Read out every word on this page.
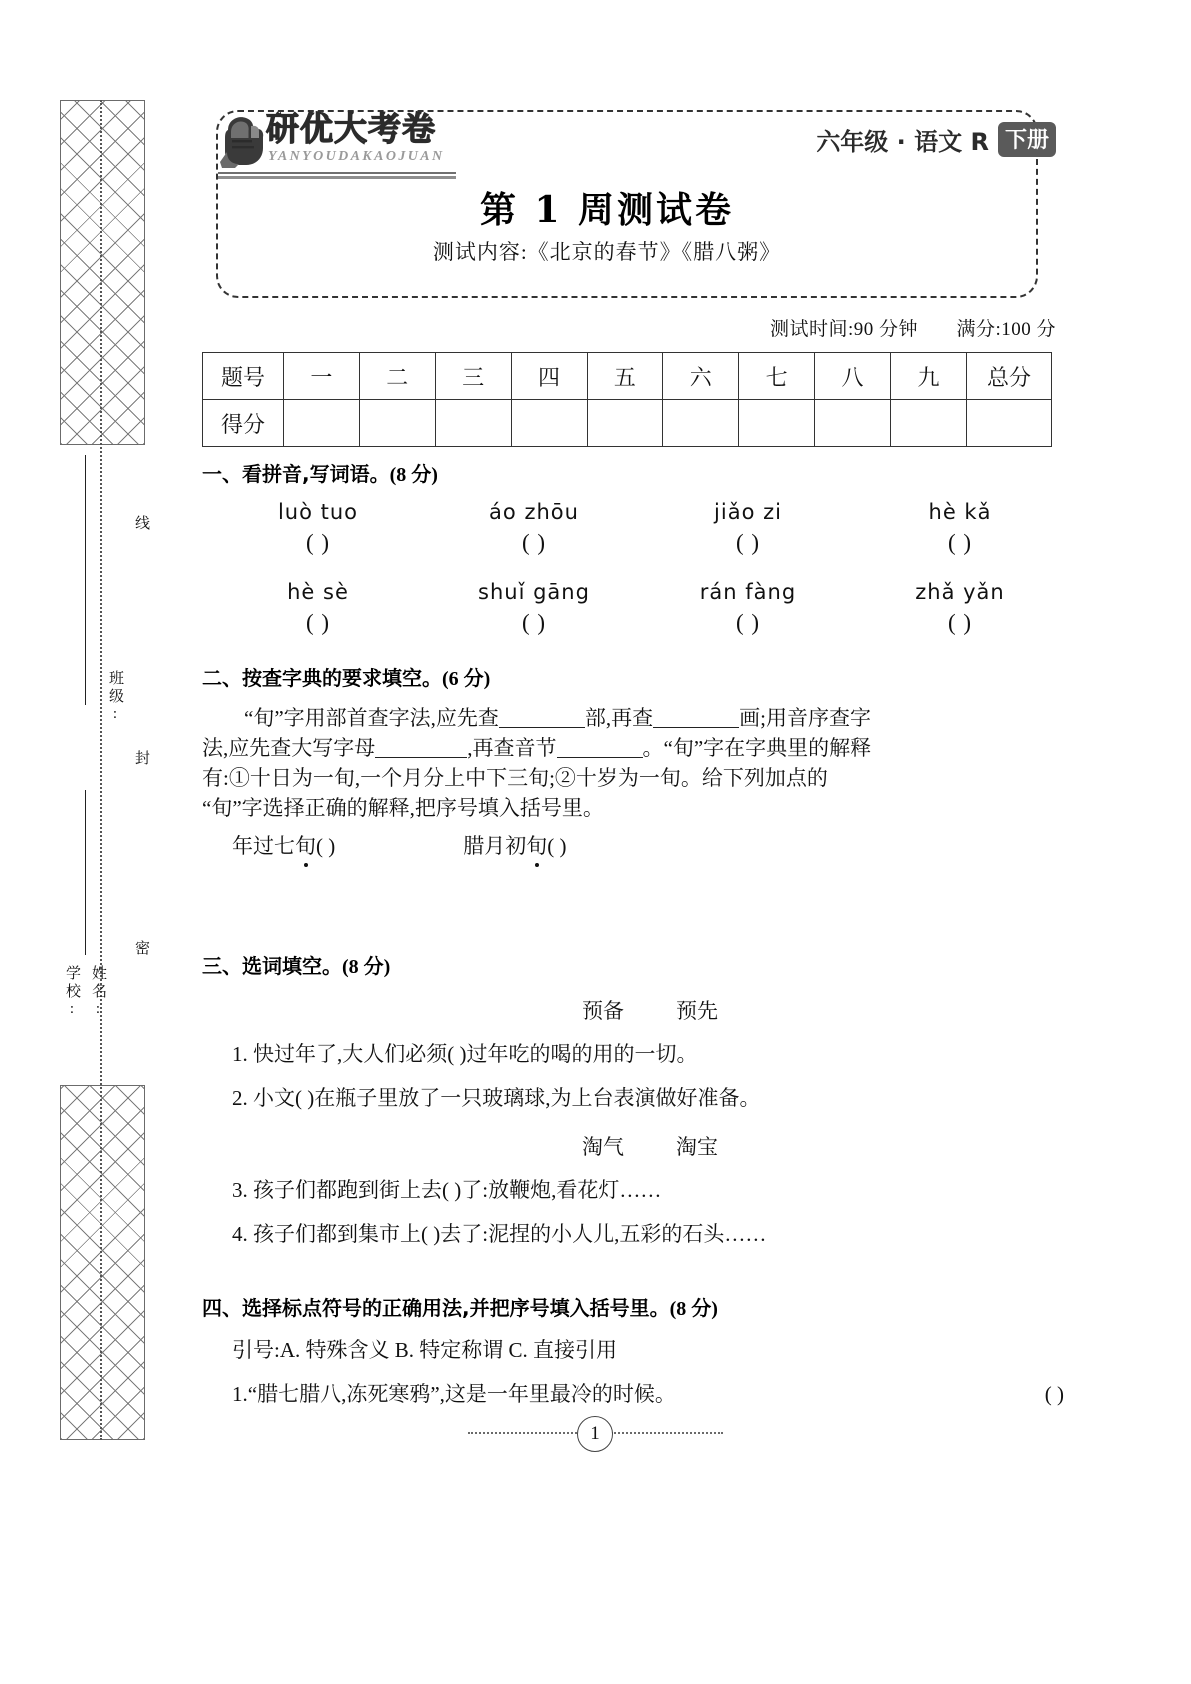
学校: 姓名:
班级:
密
封
线
研优大考卷
YANYOUDAKAOJUAN
六年级 · 语文 R 下册
第 1 周测试卷
测试内容:《北京的春节》《腊八粥》
测试时间:90 分钟 满分:100 分
题号	一	二	三	四	五	六	七	八	九	总分
得分										

一、看拼音,写词语。(8 分)

luò tuo
( )
áo zhōu
( )
jiǎo zi
( )
hè kǎ
( )
hè sè
( )
shuǐ gāng
( )
rán fàng
( )
zhǎ yǎn
( )

二、按查字典的要求填空。(6 分)

“旬”字用部首查字法,应先查	部,再查	画;用音序查字

法,应先查大写字母	,再查音节	。“旬”字在字典里的解释

有:①十日为一旬,一个月分上中下三旬;②十岁为一旬。给下列加点的

“旬”字选择正确的解释,把序号填入括号里。

年过七旬( )	腊月初旬( )

三、选词填空。(8 分)

预备 预先

1. 快过年了,大人们必须( )过年吃的喝的用的一切。

2. 小文( )在瓶子里放了一只玻璃球,为上台表演做好准备。

淘气 淘宝

3. 孩子们都跑到街上去( )了:放鞭炮,看花灯……

4. 孩子们都到集市上( )去了:泥捏的小人儿,五彩的石头……

四、选择标点符号的正确用法,并把序号填入括号里。(8 分)

引号:A. 特殊含义 B. 特定称谓 C. 直接引用

1.“腊七腊八,冻死寒鸦”,这是一年里最冷的时候。	( )

1
